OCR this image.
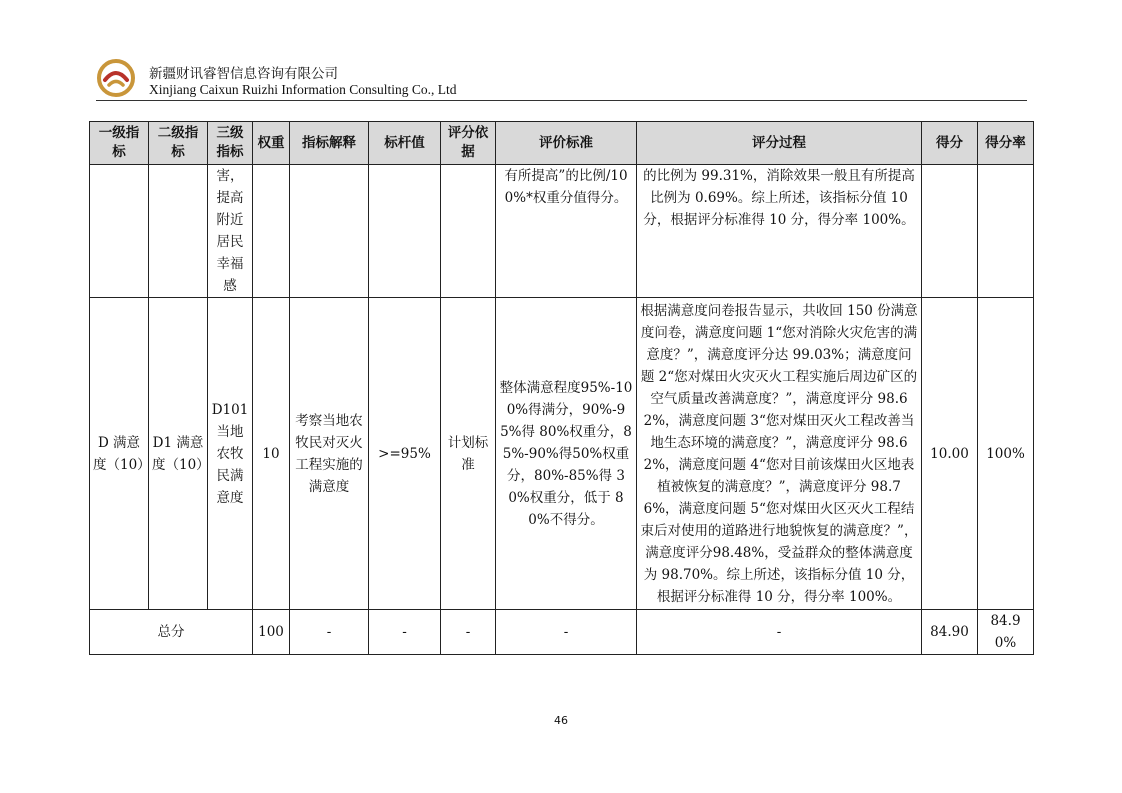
新疆财讯睿智信息咨询有限公司
Xinjiang Caixun Ruizhi Information Consulting Co., Ltd
一级指标	二级指标	三级指标	权重	指标解释	标杆值	评分依据	评价标准	评分过程	得分	得分率
		害，提高附近居民幸福感					有所提高”的比例/100%*权重分值得分。	的比例为 99.31%，消除效果一般且有所提高比例为 0.69%。综上所述，该指标分值 10分，根据评分标准得 10 分，得分率 100%。		
D 满意度（10）	D1 满意度（10）	D101当地农牧民满意度	10	考察当地农牧民对灭火工程实施的满意度	>=95%	计划标准	整体满意程度95%-100%得满分，90%-95%得 80%权重分，85%-90%得50%权重分，80%-85%得 30%权重分，低于 80%不得分。	根据满意度问卷报告显示，共收回 150 份满意度问卷，满意度问题 1“您对消除火灾危害的满意度？”，满意度评分达 99.03%；满意度问题 2“您对煤田火灾灭火工程实施后周边矿区的空气质量改善满意度？”，满意度评分 98.62%，满意度问题 3“您对煤田灭火工程改善当地生态环境的满意度？”，满意度评分 98.62%，满意度问题 4“您对目前该煤田火区地表植被恢复的满意度？”，满意度评分 98.76%，满意度问题 5“您对煤田火区灭火工程结束后对使用的道路进行地貌恢复的满意度？”，满意度评分98.48%，受益群众的整体满意度为 98.70%。综上所述，该指标分值 10 分，根据评分标准得 10 分，得分率 100%。	10.00	100%
总分			100	-	-	-	-	-	84.90	84.90%
46
